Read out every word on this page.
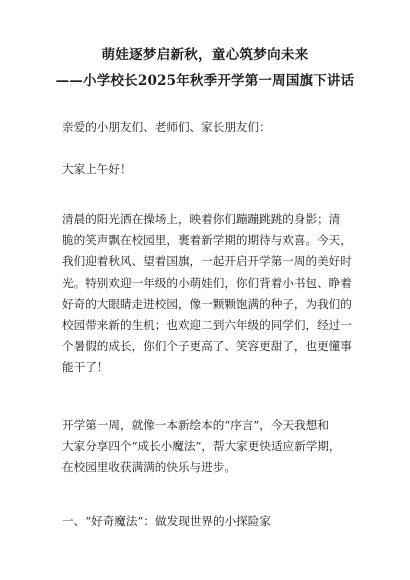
萌娃逐梦启新秋，童心筑梦向未来
——小学校长2025年秋季开学第一周国旗下讲话
亲爱的小朋友们、老师们、家长朋友们：
大家上午好！
清晨的阳光洒在操场上，映着你们蹦蹦跳跳的身影；清
脆的笑声飘在校园里，裹着新学期的期待与欢喜。今天，
我们迎着秋风、望着国旗，一起开启开学第一周的美好时
光。特别欢迎一年级的小萌娃们，你们背着小书包、睁着
好奇的大眼睛走进校园，像一颗颗饱满的种子，为我们的
校园带来新的生机；也欢迎二到六年级的同学们，经过一
个暑假的成长，你们个子更高了、笑容更甜了，也更懂事
能干了！
开学第一周，就像一本新绘本的“序言”，今天我想和
大家分享四个“成长小魔法”，帮大家更快适应新学期，
在校园里收获满满的快乐与进步。
一、“好奇魔法”：做发现世界的小探险家
